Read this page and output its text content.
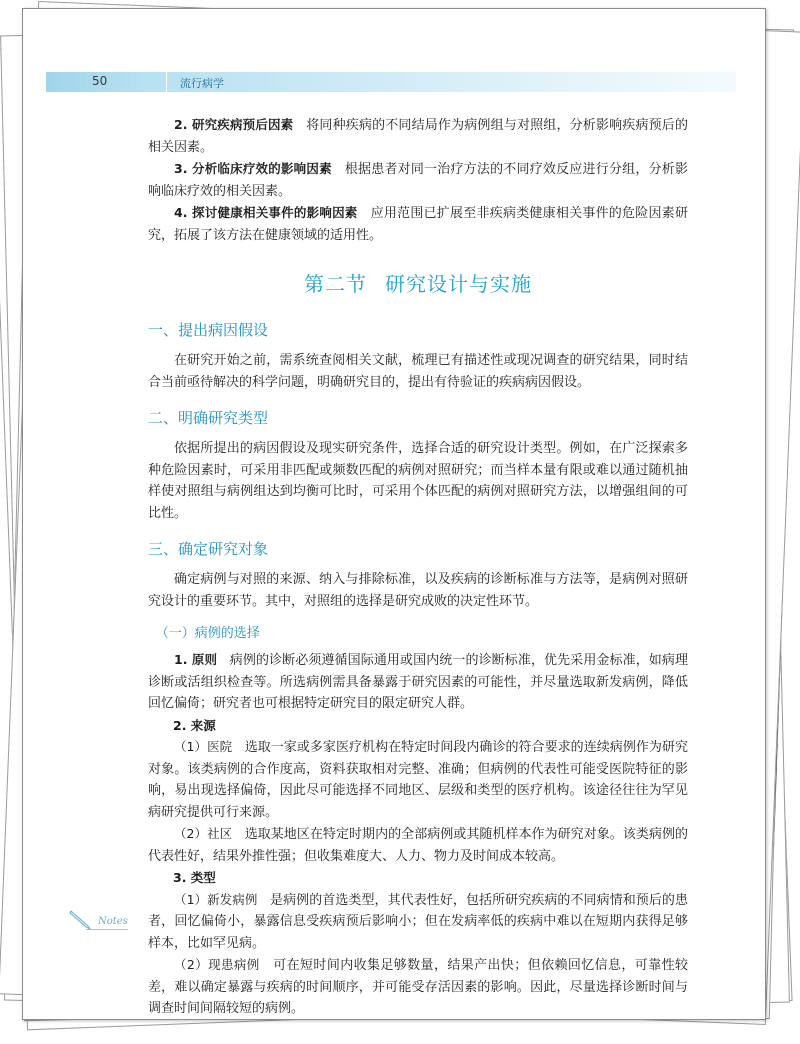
50	流行病学

2. 研究疾病预后因素 将同种疾病的不同结局作为病例组与对照组，分析影响疾病预后的相关因素。

3. 分析临床疗效的影响因素 根据患者对同一治疗方法的不同疗效反应进行分组，分析影响临床疗效的相关因素。

4. 探讨健康相关事件的影响因素 应用范围已扩展至非疾病类健康相关事件的危险因素研究，拓展了该方法在健康领域的适用性。

第二节 研究设计与实施
一、提出病因假设

在研究开始之前，需系统查阅相关文献，梳理已有描述性或现况调查的研究结果，同时结合当前亟待解决的科学问题，明确研究目的，提出有待验证的疾病病因假设。

二、明确研究类型

依据所提出的病因假设及现实研究条件，选择合适的研究设计类型。例如，在广泛探索多种危险因素时，可采用非匹配或频数匹配的病例对照研究；而当样本量有限或难以通过随机抽样使对照组与病例组达到均衡可比时，可采用个体匹配的病例对照研究方法，以增强组间的可比性。

三、确定研究对象

确定病例与对照的来源、纳入与排除标准，以及疾病的诊断标准与方法等，是病例对照研究设计的重要环节。其中，对照组的选择是研究成败的决定性环节。

（一）病例的选择

1. 原则 病例的诊断必须遵循国际通用或国内统一的诊断标准，优先采用金标准，如病理诊断或活组织检查等。所选病例需具备暴露于研究因素的可能性，并尽量选取新发病例，降低回忆偏倚；研究者也可根据特定研究目的限定研究人群。

2. 来源

（1）医院 选取一家或多家医疗机构在特定时间段内确诊的符合要求的连续病例作为研究对象。该类病例的合作度高，资料获取相对完整、准确；但病例的代表性可能受医院特征的影响，易出现选择偏倚，因此尽可能选择不同地区、层级和类型的医疗机构。该途径往往为罕见病研究提供可行来源。

（2）社区 选取某地区在特定时期内的全部病例或其随机样本作为研究对象。该类病例的代表性好，结果外推性强；但收集难度大、人力、物力及时间成本较高。

3. 类型

（1）新发病例 是病例的首选类型，其代表性好，包括所研究疾病的不同病情和预后的患者，回忆偏倚小，暴露信息受疾病预后影响小；但在发病率低的疾病中难以在短期内获得足够样本，比如罕见病。

（2）现患病例 可在短时间内收集足够数量，结果产出快；但依赖回忆信息，可靠性较差，难以确定暴露与疾病的时间顺序，并可能受存活因素的影响。因此，尽量选择诊断时间与调查时间间隔较短的病例。

Notes
